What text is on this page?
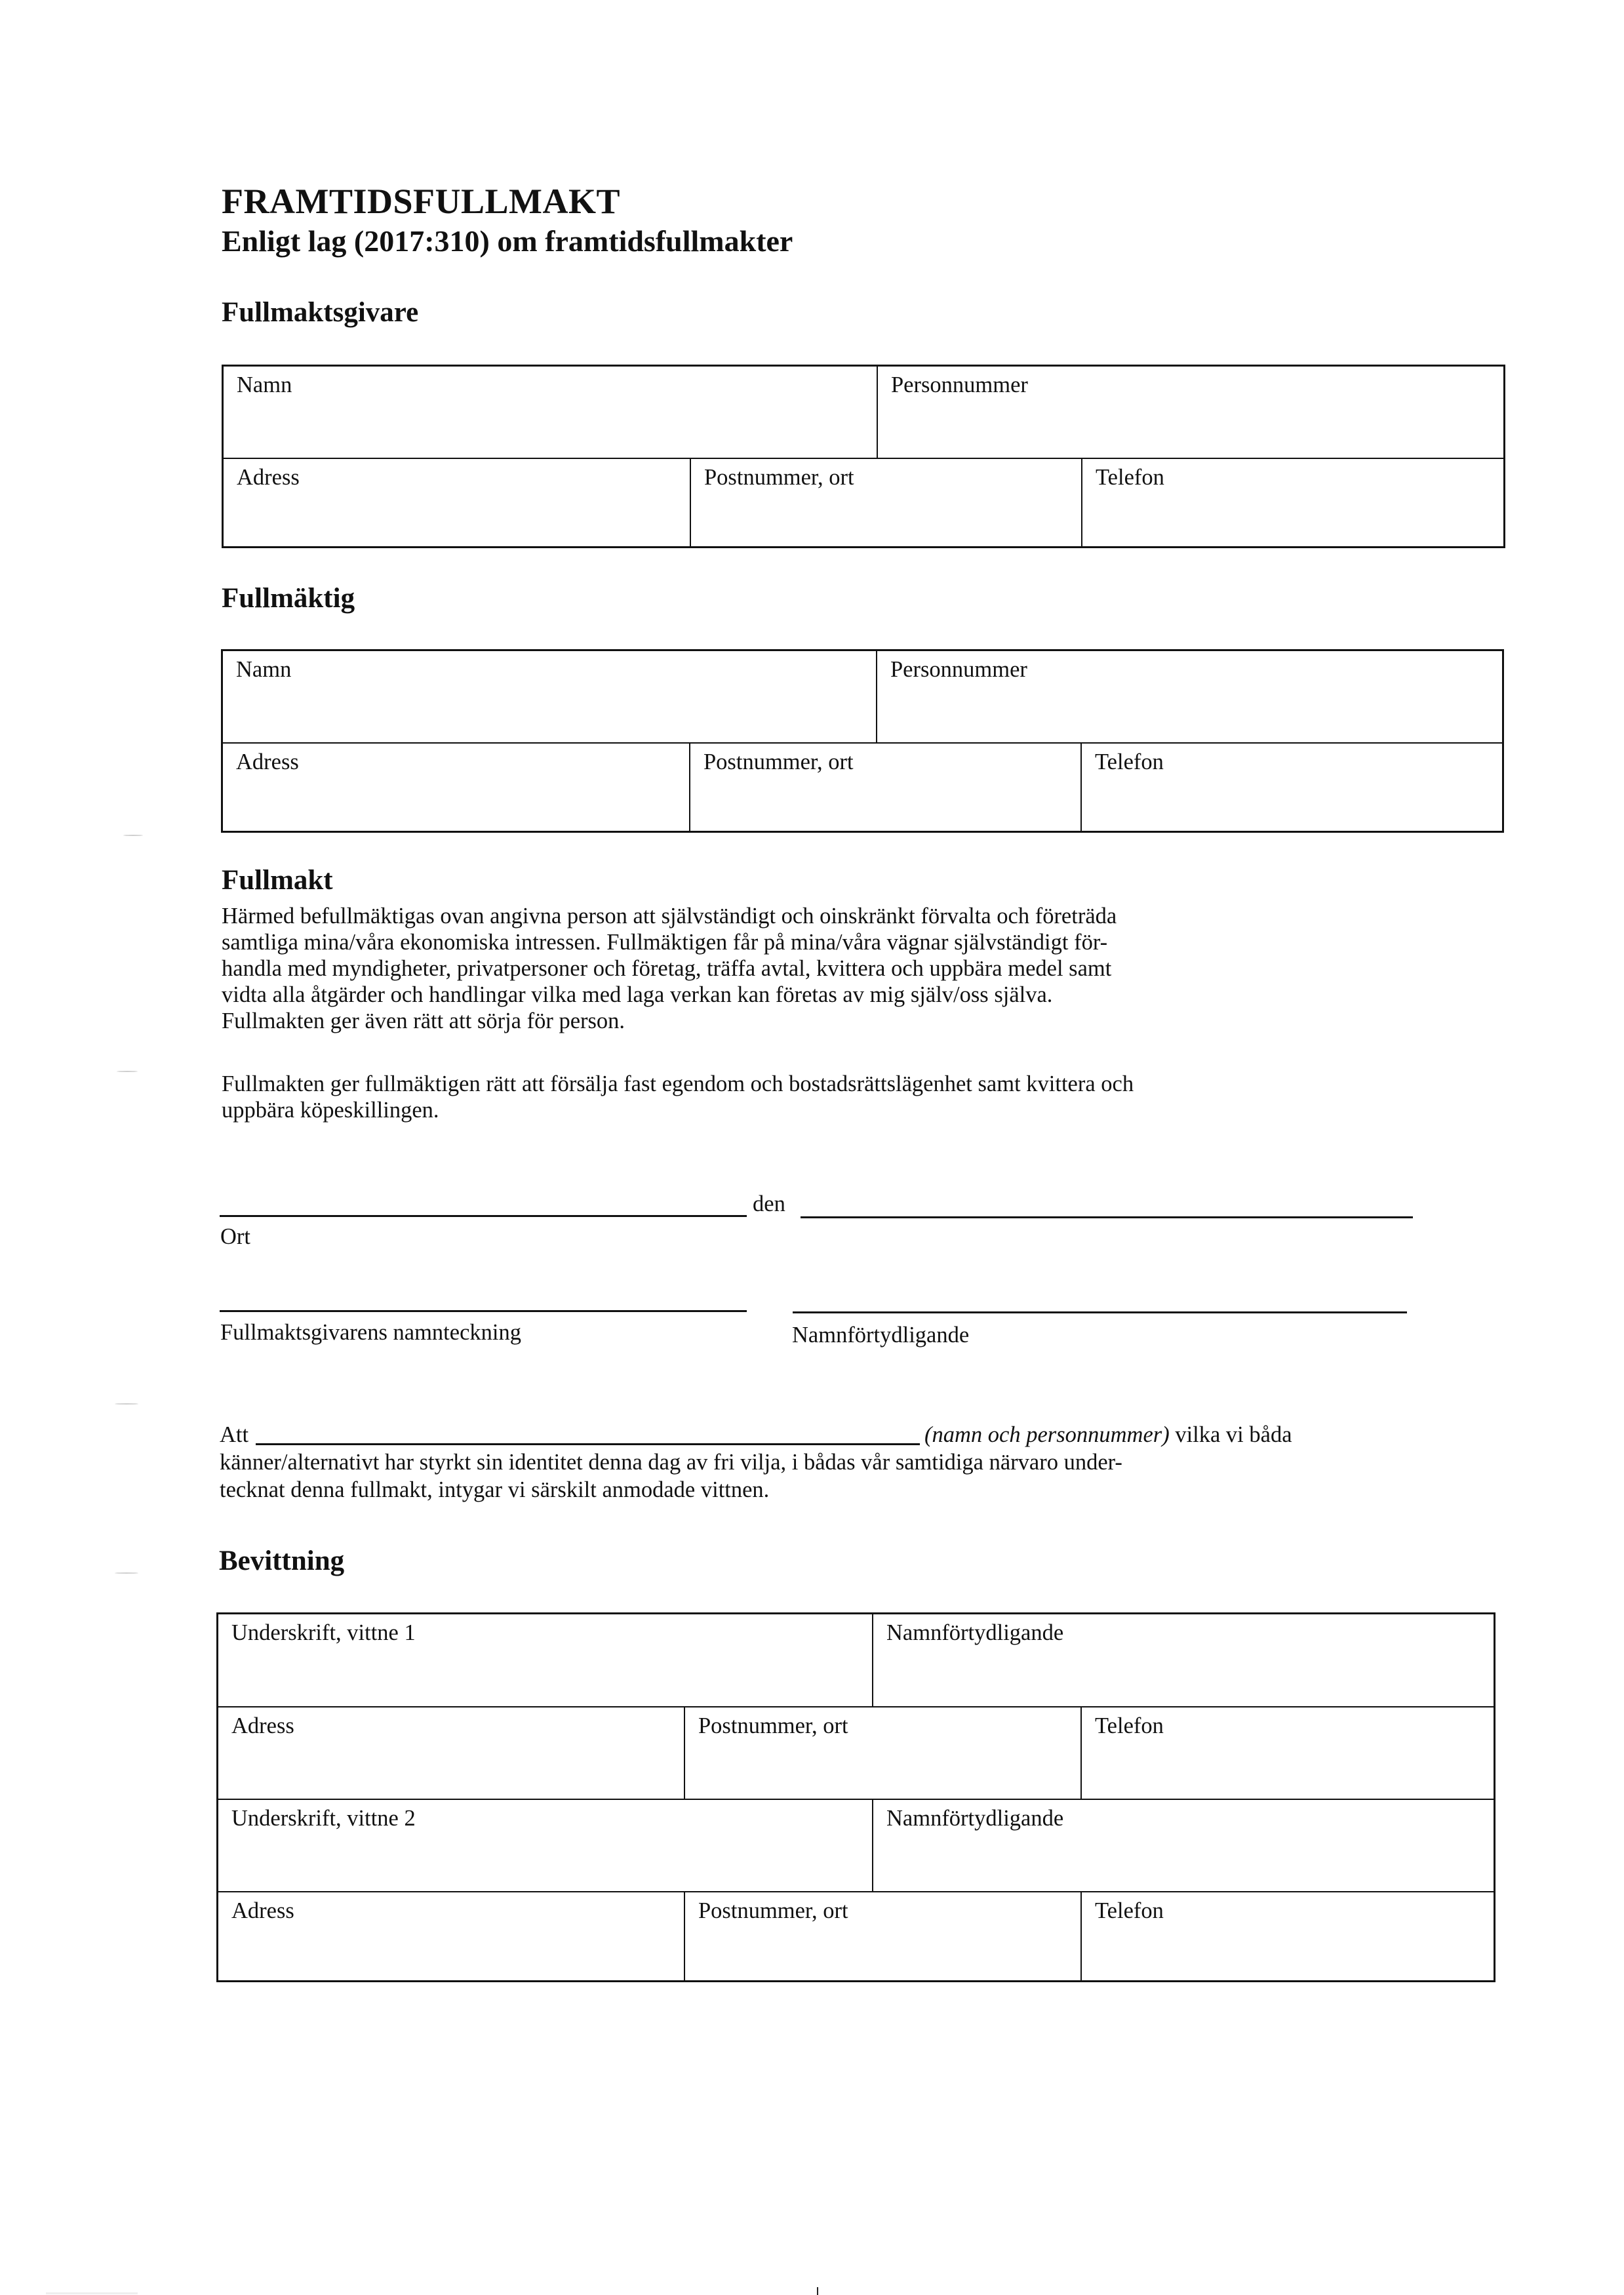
FRAMTIDSFULLMAKT
Enligt lag (2017:310) om framtidsfullmakter
Fullmaktsgivare
Namn	Personnummer
Adress	Postnummer, ort	Telefon
Fullmäktig
Namn	Personnummer
Adress	Postnummer, ort	Telefon
Fullmakt

Härmed befullmäktigas ovan angivna person att självständigt och oinskränkt förvalta och företräda

samtliga mina/våra ekonomiska intressen. Fullmäktigen får på mina/våra vägnar självständigt för-

handla med myndigheter, privatpersoner och företag, träffa avtal, kvittera och uppbära medel samt

vidta alla åtgärder och handlingar vilka med laga verkan kan företas av mig själv/oss själva.

Fullmakten ger även rätt att sörja för person.

Fullmakten ger fullmäktigen rätt att försälja fast egendom och bostadsrättslägenhet samt kvittera och

uppbära köpeskillingen.

den
Ort
Fullmaktsgivarens namnteckning	Namnförtydligande
Att	(namn och personnummer) vilka vi båda
känner/alternativt har styrkt sin identitet denna dag av fri vilja, i bådas vår samtidiga närvaro under-
tecknat denna fullmakt, intygar vi särskilt anmodade vittnen.
Bevittning
Underskrift, vittne 1	Namnförtydligande
Adress	Postnummer, ort	Telefon
Underskrift, vittne 2	Namnförtydligande
Adress	Postnummer, ort	Telefon
